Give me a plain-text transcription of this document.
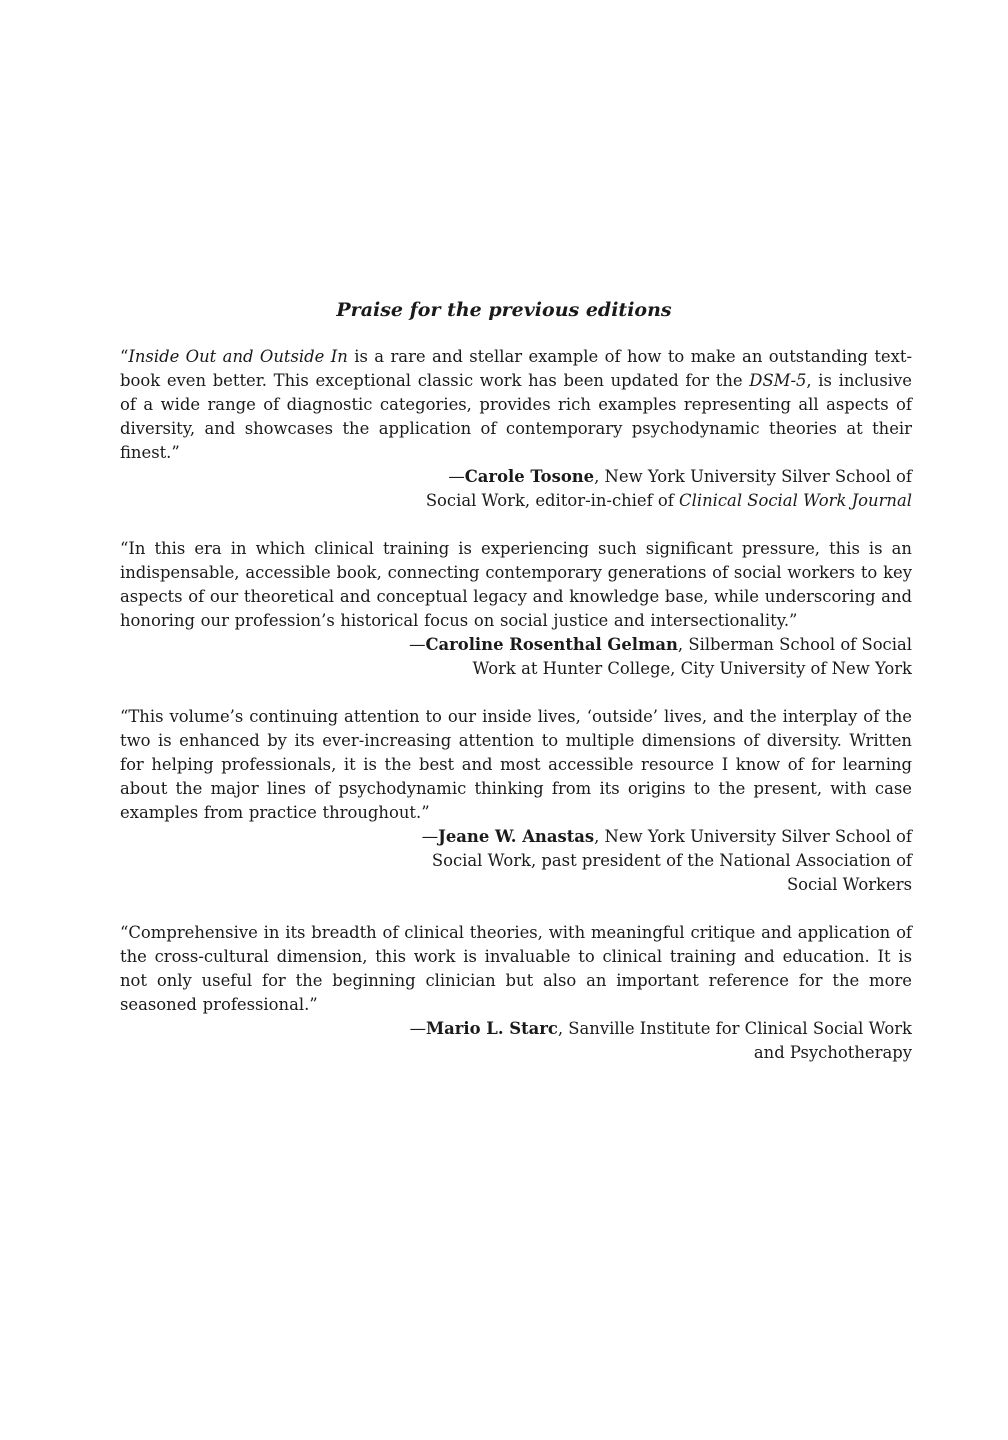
Praise for the previous editions

“Inside Out and Outside In is a rare and stellar example of how to make an outstanding text-book even better. This exceptional classic work has been updated for the DSM-5, is inclusive of a wide range of diagnostic categories, provides rich examples representing all aspects of diversity, and showcases the application of contemporary psychodynamic theories at their finest.”

—Carole Tosone, New York University Silver School of

Social Work, editor-in-chief of Clinical Social Work Journal

“In this era in which clinical training is experiencing such significant pressure, this is an indispensable, accessible book, connecting contemporary generations of social workers to key aspects of our theoretical and conceptual legacy and knowledge base, while underscoring and honoring our profession’s historical focus on social justice and intersectionality.”

—Caroline Rosenthal Gelman, Silberman School of Social

Work at Hunter College, City University of New York

“This volume’s continuing attention to our inside lives, ‘outside’ lives, and the interplay of the two is enhanced by its ever-increasing attention to multiple dimensions of diversity. Written for helping professionals, it is the best and most accessible resource I know of for learning about the major lines of psychodynamic thinking from its origins to the present, with case examples from practice throughout.”

—Jeane W. Anastas, New York University Silver School of

Social Work, past president of the National Association of

Social Workers

“Comprehensive in its breadth of clinical theories, with meaningful critique and application of the cross-cultural dimension, this work is invaluable to clinical training and education. It is not only useful for the beginning clinician but also an important reference for the more seasoned professional.”

—Mario L. Starc, Sanville Institute for Clinical Social Work

and Psychotherapy
